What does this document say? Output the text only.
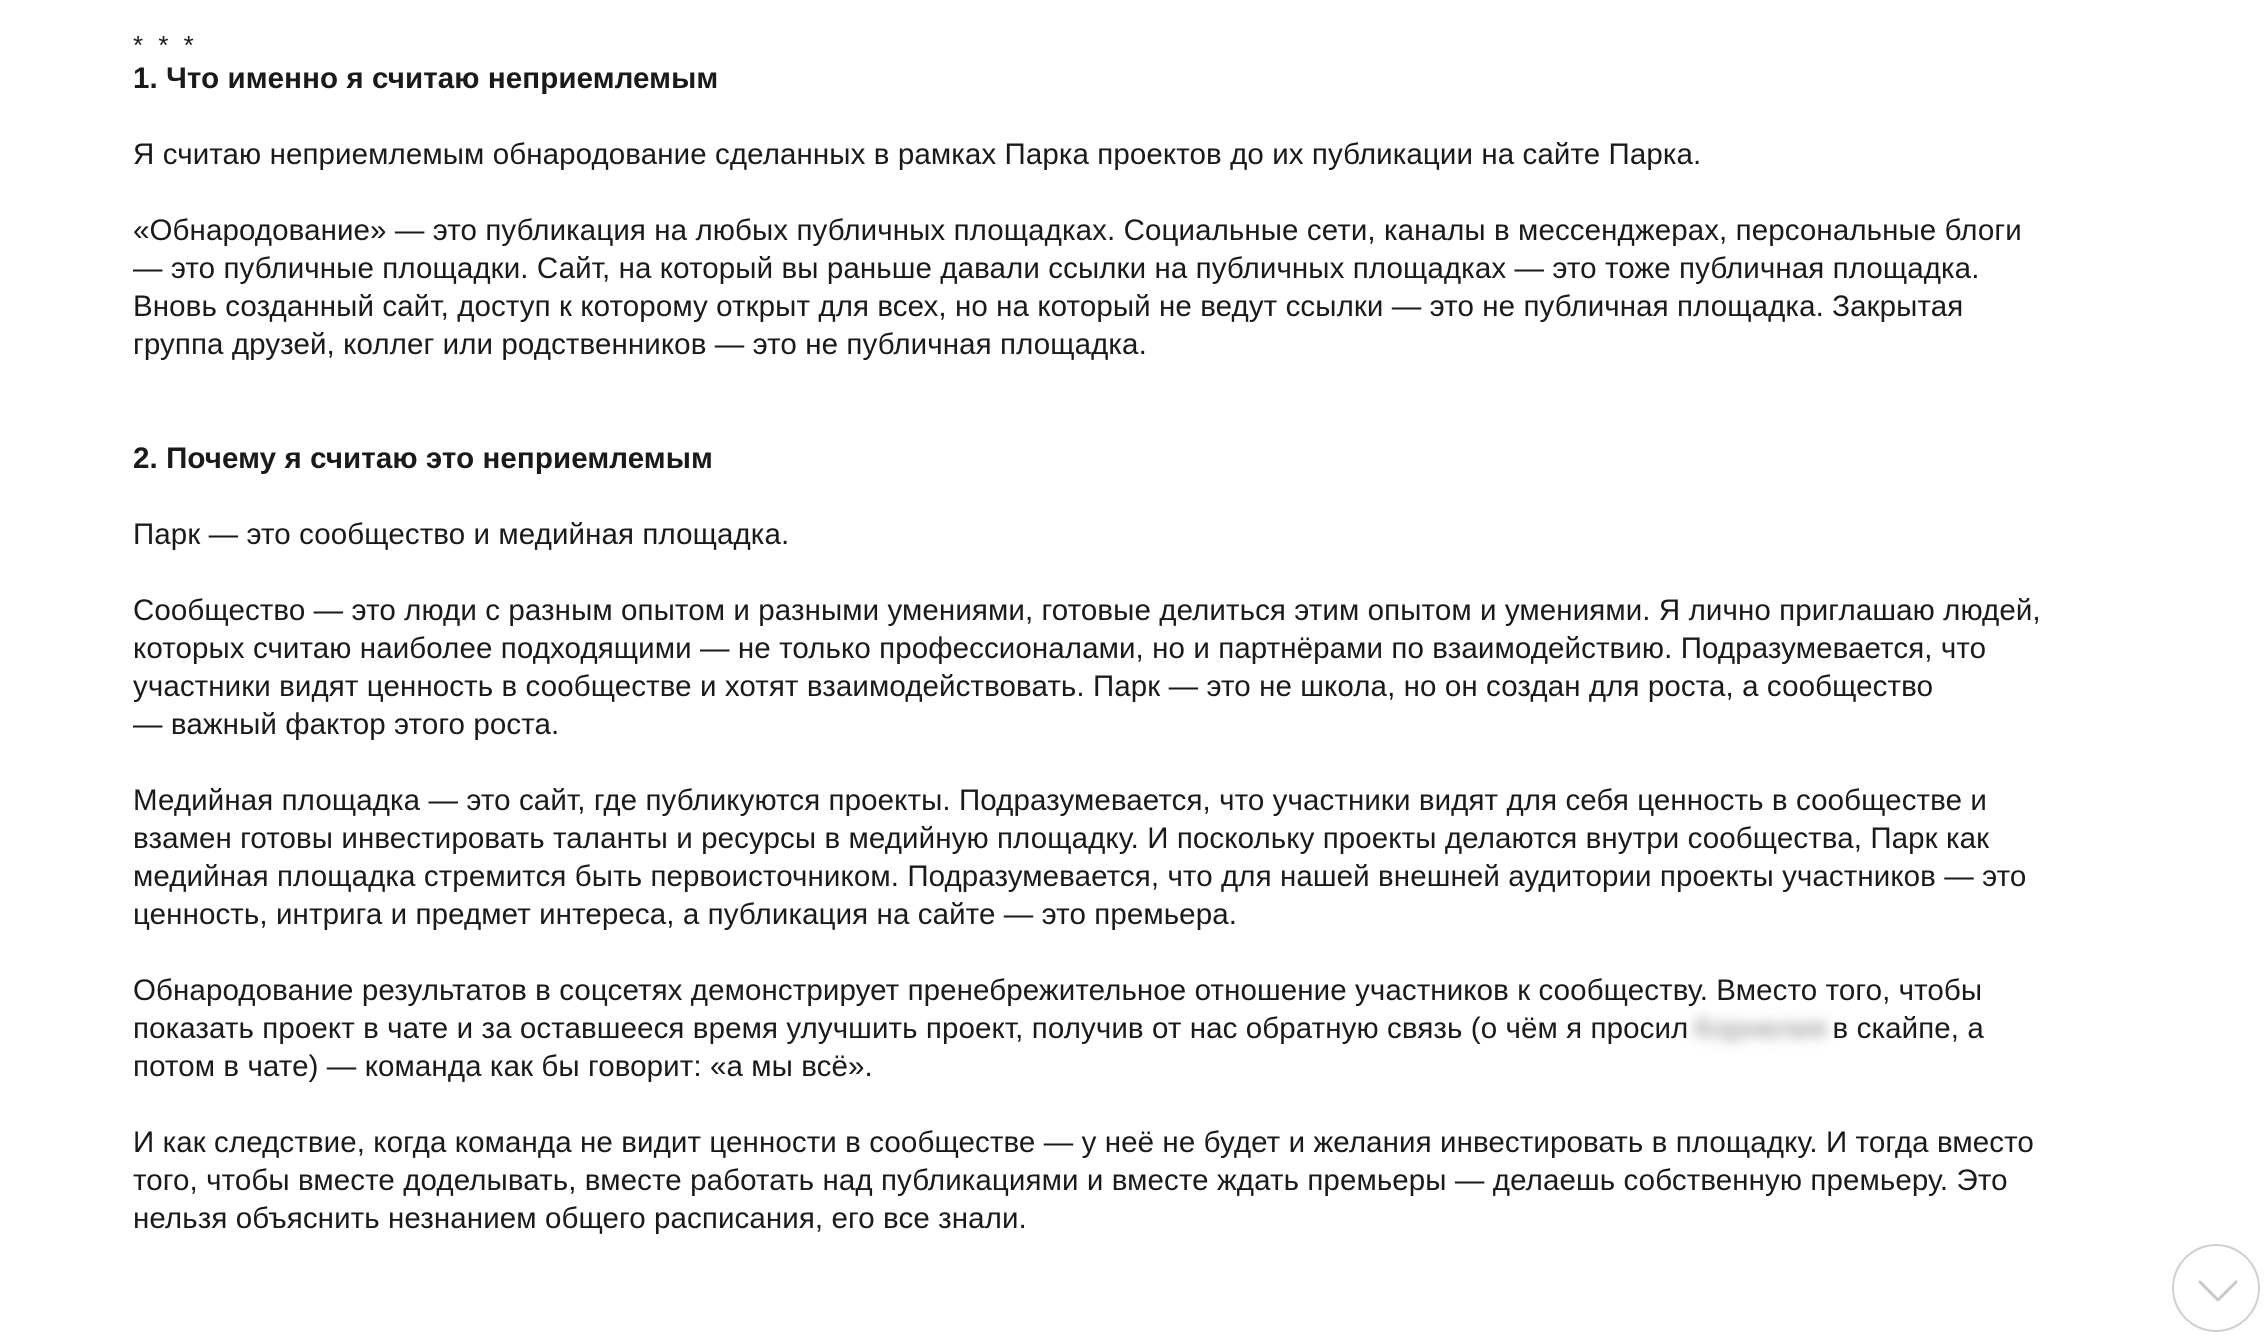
* * *
1. Что именно я считаю неприемлемым

Я считаю неприемлемым обнародование сделанных в рамках Парка проектов до их публикации на сайте Парка.

«Обнародование» — это публикация на любых публичных площадках. Социальные сети, каналы в мессенджерах, персональные блоги
— это публичные площадки. Сайт, на который вы раньше давали ссылки на публичных площадках — это тоже публичная площадка.
Вновь созданный сайт, доступ к которому открыт для всех, но на который не ведут ссылки — это не публичная площадка. Закрытая
группа друзей, коллег или родственников — это не публичная площадка.

2. Почему я считаю это неприемлемым

Парк — это сообщество и медийная площадка.

Сообщество — это люди с разным опытом и разными умениями, готовые делиться этим опытом и умениями. Я лично приглашаю людей,
которых считаю наиболее подходящими — не только профессионалами, но и партнёрами по взаимодействию. Подразумевается, что
участники видят ценность в сообществе и хотят взаимодействовать. Парк — это не школа, но он создан для роста, а сообщество
— важный фактор этого роста.

Медийная площадка — это сайт, где публикуются проекты. Подразумевается, что участники видят для себя ценность в сообществе и
взамен готовы инвестировать таланты и ресурсы в медийную площадку. И поскольку проекты делаются внутри сообщества, Парк как
медийная площадка стремится быть первоисточником. Подразумевается, что для нашей внешней аудитории проекты участников — это
ценность, интрига и предмет интереса, а публикация на сайте — это премьера.

Обнародование результатов в соцсетях демонстрирует пренебрежительное отношение участников к сообществу. Вместо того, чтобы
показать проект в чате и за оставшееся время улучшить проект, получив от нас обратную связь (о чём я просил Корнелия в скайпе, а
потом в чате) — команда как бы говорит: «а мы всё».

И как следствие, когда команда не видит ценности в сообществе — у неё не будет и желания инвестировать в площадку. И тогда вместо
того, чтобы вместе доделывать, вместе работать над публикациями и вместе ждать премьеры — делаешь собственную премьеру. Это
нельзя объяснить незнанием общего расписания, его все знали.
